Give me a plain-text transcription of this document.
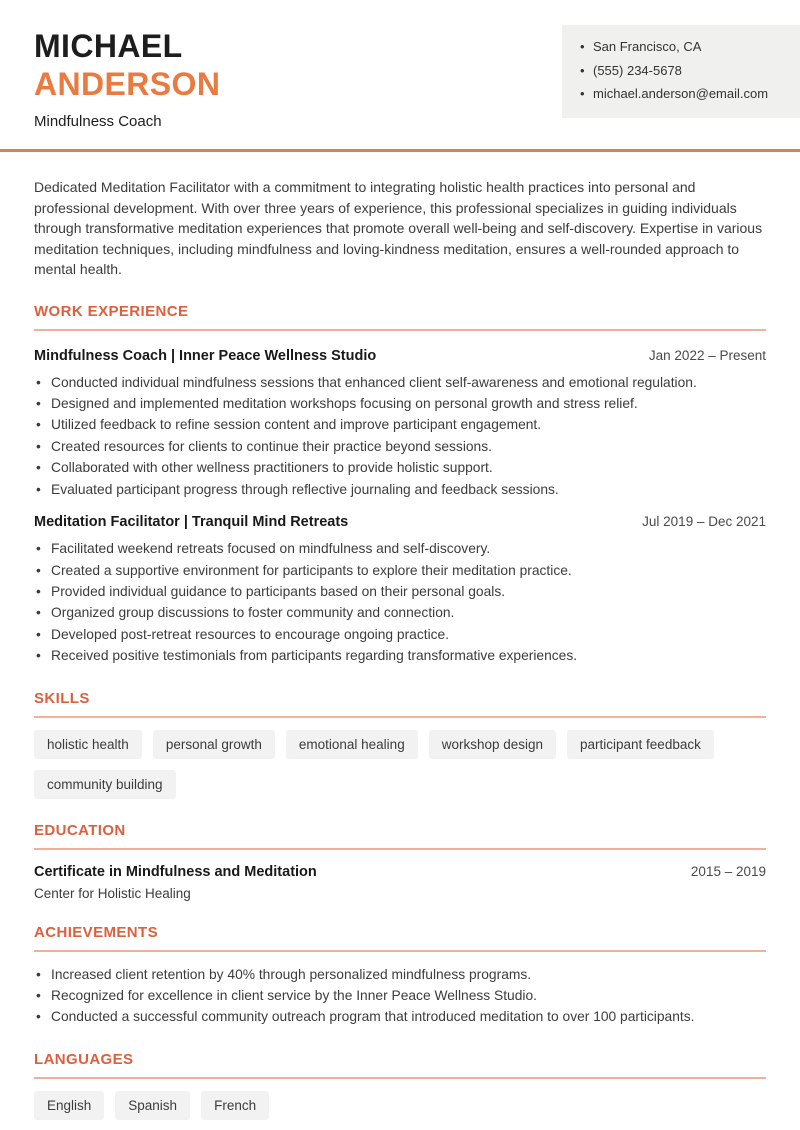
MICHAEL
ANDERSON
Mindfulness Coach
• San Francisco, CA
• (555) 234-5678
• michael.anderson@email.com

Dedicated Meditation Facilitator with a commitment to integrating holistic health practices into personal and professional development. With over three years of experience, this professional specializes in guiding individuals through transformative meditation experiences that promote overall well-being and self-discovery. Expertise in various meditation techniques, including mindfulness and loving-kindness meditation, ensures a well-rounded approach to mental health.

WORK EXPERIENCE
Mindfulness Coach | Inner Peace Wellness Studio	Jan 2022 – Present
• Conducted individual mindfulness sessions that enhanced client self-awareness and emotional regulation.
• Designed and implemented meditation workshops focusing on personal growth and stress relief.
• Utilized feedback to refine session content and improve participant engagement.
• Created resources for clients to continue their practice beyond sessions.
• Collaborated with other wellness practitioners to provide holistic support.
• Evaluated participant progress through reflective journaling and feedback sessions.
Meditation Facilitator | Tranquil Mind Retreats	Jul 2019 – Dec 2021
• Facilitated weekend retreats focused on mindfulness and self-discovery.
• Created a supportive environment for participants to explore their meditation practice.
• Provided individual guidance to participants based on their personal goals.
• Organized group discussions to foster community and connection.
• Developed post-retreat resources to encourage ongoing practice.
• Received positive testimonials from participants regarding transformative experiences.
SKILLS
holistic health	personal growth	emotional healing	workshop design	participant feedback
community building
EDUCATION
Certificate in Mindfulness and Meditation	2015 – 2019
Center for Holistic Healing
ACHIEVEMENTS
• Increased client retention by 40% through personalized mindfulness programs.
• Recognized for excellence in client service by the Inner Peace Wellness Studio.
• Conducted a successful community outreach program that introduced meditation to over 100 participants.
LANGUAGES
English	Spanish	French
